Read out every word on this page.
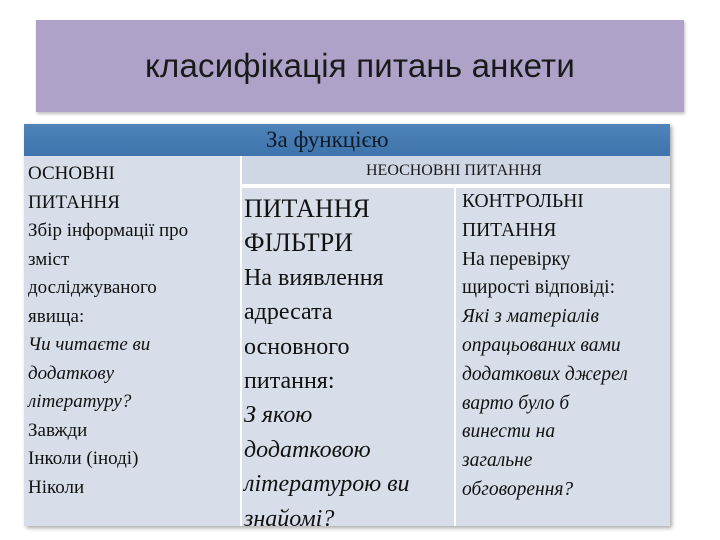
класифікація питань анкети
За функцією
ОСНОВНІ
ПИТАННЯ
Збір інформації про
зміст
досліджуваного
явища:
Чи читаєте ви
додаткову
літературу?
Завжди
Інколи (іноді)
Ніколи
НЕОСНОВНІ ПИТАННЯ
ПИТАННЯ
ФІЛЬТРИ
На виявлення
адресата
основного
питання:
З якою
додатковою
літературою ви
знайомі?
КОНТРОЛЬНІ
ПИТАННЯ
На перевірку
щирості відповіді:
Які з матеріалів
опрацьованих вами
додаткових джерел
варто було б
винести на
загальне
обговорення?
